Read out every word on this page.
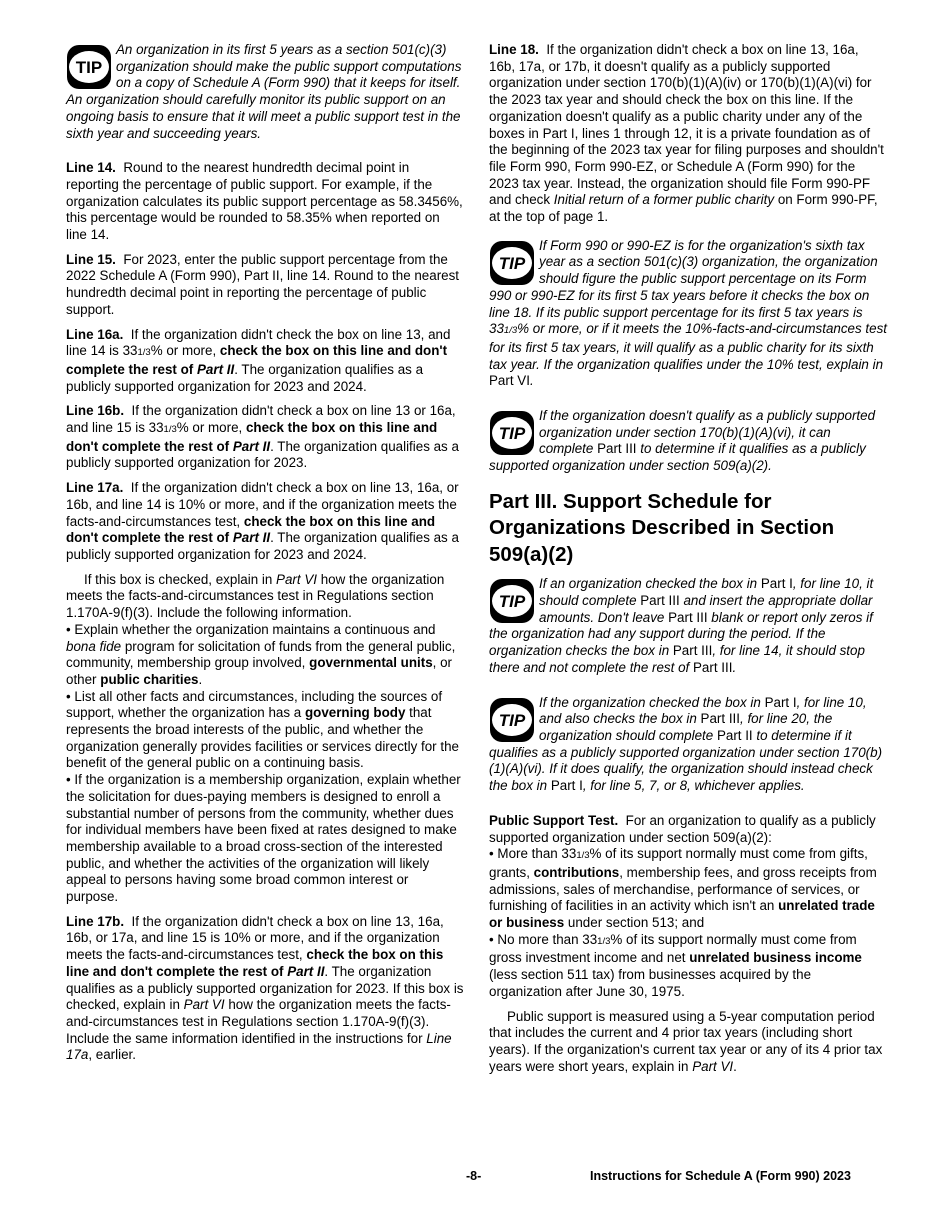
TIP
An organization in its first 5 years as a section 501(c)(3) organization should make the public support computations on a copy of Schedule A (Form 990) that it keeps for itself. An organization should carefully monitor its public support on an ongoing basis to ensure that it will meet a public support test in the sixth year and succeeding years.

Line 14. Round to the nearest hundredth decimal point in reporting the percentage of public support. For example, if the organization calculates its public support percentage as 58.3456%, this percentage would be rounded to 58.35% when reported on line 14.

Line 15. For 2023, enter the public support percentage from the 2022 Schedule A (Form 990), Part II, line 14. Round to the nearest hundredth decimal point in reporting the percentage of public support.

Line 16a. If the organization didn't check the box on line 13, and line 14 is 331/3% or more, check the box on this line and don't complete the rest of Part II. The organization qualifies as a publicly supported organization for 2023 and 2024.

Line 16b. If the organization didn't check a box on line 13 or 16a, and line 15 is 331/3% or more, check the box on this line and don't complete the rest of Part II. The organization qualifies as a publicly supported organization for 2023.

Line 17a. If the organization didn't check a box on line 13, 16a, or 16b, and line 14 is 10% or more, and if the organization meets the facts-and-circumstances test, check the box on this line and don't complete the rest of Part II. The organization qualifies as a publicly supported organization for 2023 and 2024.

If this box is checked, explain in Part VI how the organization meets the facts-and-circumstances test in Regulations section 1.170A-9(f)(3). Include the following information.

• Explain whether the organization maintains a continuous and bona fide program for solicitation of funds from the general public, community, membership group involved, governmental units, or other public charities.

• List all other facts and circumstances, including the sources of support, whether the organization has a governing body that represents the broad interests of the public, and whether the organization generally provides facilities or services directly for the benefit of the general public on a continuing basis.

• If the organization is a membership organization, explain whether the solicitation for dues-paying members is designed to enroll a substantial number of persons from the community, whether dues for individual members have been fixed at rates designed to make membership available to a broad cross-section of the interested public, and whether the activities of the organization will likely appeal to persons having some broad common interest or purpose.

Line 17b. If the organization didn't check a box on line 13, 16a, 16b, or 17a, and line 15 is 10% or more, and if the organization meets the facts-and-circumstances test, check the box on this line and don't complete the rest of Part II. The organization qualifies as a publicly supported organization for 2023. If this box is checked, explain in Part VI how the organization meets the facts-and-circumstances test in Regulations section 1.170A-9(f)(3). Include the same information identified in the instructions for Line 17a, earlier.

Line 18. If the organization didn't check a box on line 13, 16a, 16b, 17a, or 17b, it doesn't qualify as a publicly supported organization under section 170(b)(1)(A)(iv) or 170(b)(1)(A)(vi) for the 2023 tax year and should check the box on this line. If the organization doesn't qualify as a public charity under any of the boxes in Part I, lines 1 through 12, it is a private foundation as of the beginning of the 2023 tax year for filing purposes and shouldn't file Form 990, Form 990-EZ, or Schedule A (Form 990) for the 2023 tax year. Instead, the organization should file Form 990-PF and check Initial return of a former public charity on Form 990-PF, at the top of page 1.

TIP
If Form 990 or 990-EZ is for the organization's sixth tax year as a section 501(c)(3) organization, the organization should figure the public support percentage on its Form 990 or 990-EZ for its first 5 tax years before it checks the box on line 18. If its public support percentage for its first 5 tax years is 331/3% or more, or if it meets the 10%-facts-and-circumstances test for its first 5 tax years, it will qualify as a public charity for its sixth tax year. If the organization qualifies under the 10% test, explain in Part VI.
TIP
If the organization doesn't qualify as a publicly supported organization under section 170(b)(1)(A)(vi), it can complete Part III to determine if it qualifies as a publicly supported organization under section 509(a)(2).
Part III. Support Schedule for Organizations Described in Section 509(a)(2)
TIP
If an organization checked the box in Part I, for line 10, it should complete Part III and insert the appropriate dollar amounts. Don't leave Part III blank or report only zeros if the organization had any support during the period. If the organization checks the box in Part III, for line 14, it should stop there and not complete the rest of Part III.
TIP
If the organization checked the box in Part I, for line 10, and also checks the box in Part III, for line 20, the organization should complete Part II to determine if it qualifies as a publicly supported organization under section 170(b)(1)(A)(vi). If it does qualify, the organization should instead check the box in Part I, for line 5, 7, or 8, whichever applies.

Public Support Test. For an organization to qualify as a publicly supported organization under section 509(a)(2):

• More than 331/3% of its support normally must come from gifts, grants, contributions, membership fees, and gross receipts from admissions, sales of merchandise, performance of services, or furnishing of facilities in an activity which isn't an unrelated trade or business under section 513; and

• No more than 331/3% of its support normally must come from gross investment income and net unrelated business income (less section 511 tax) from businesses acquired by the organization after June 30, 1975.

Public support is measured using a 5-year computation period that includes the current and 4 prior tax years (including short years). If the organization's current tax year or any of its 4 prior tax years were short years, explain in Part VI.

-8-	Instructions for Schedule A (Form 990) 2023
